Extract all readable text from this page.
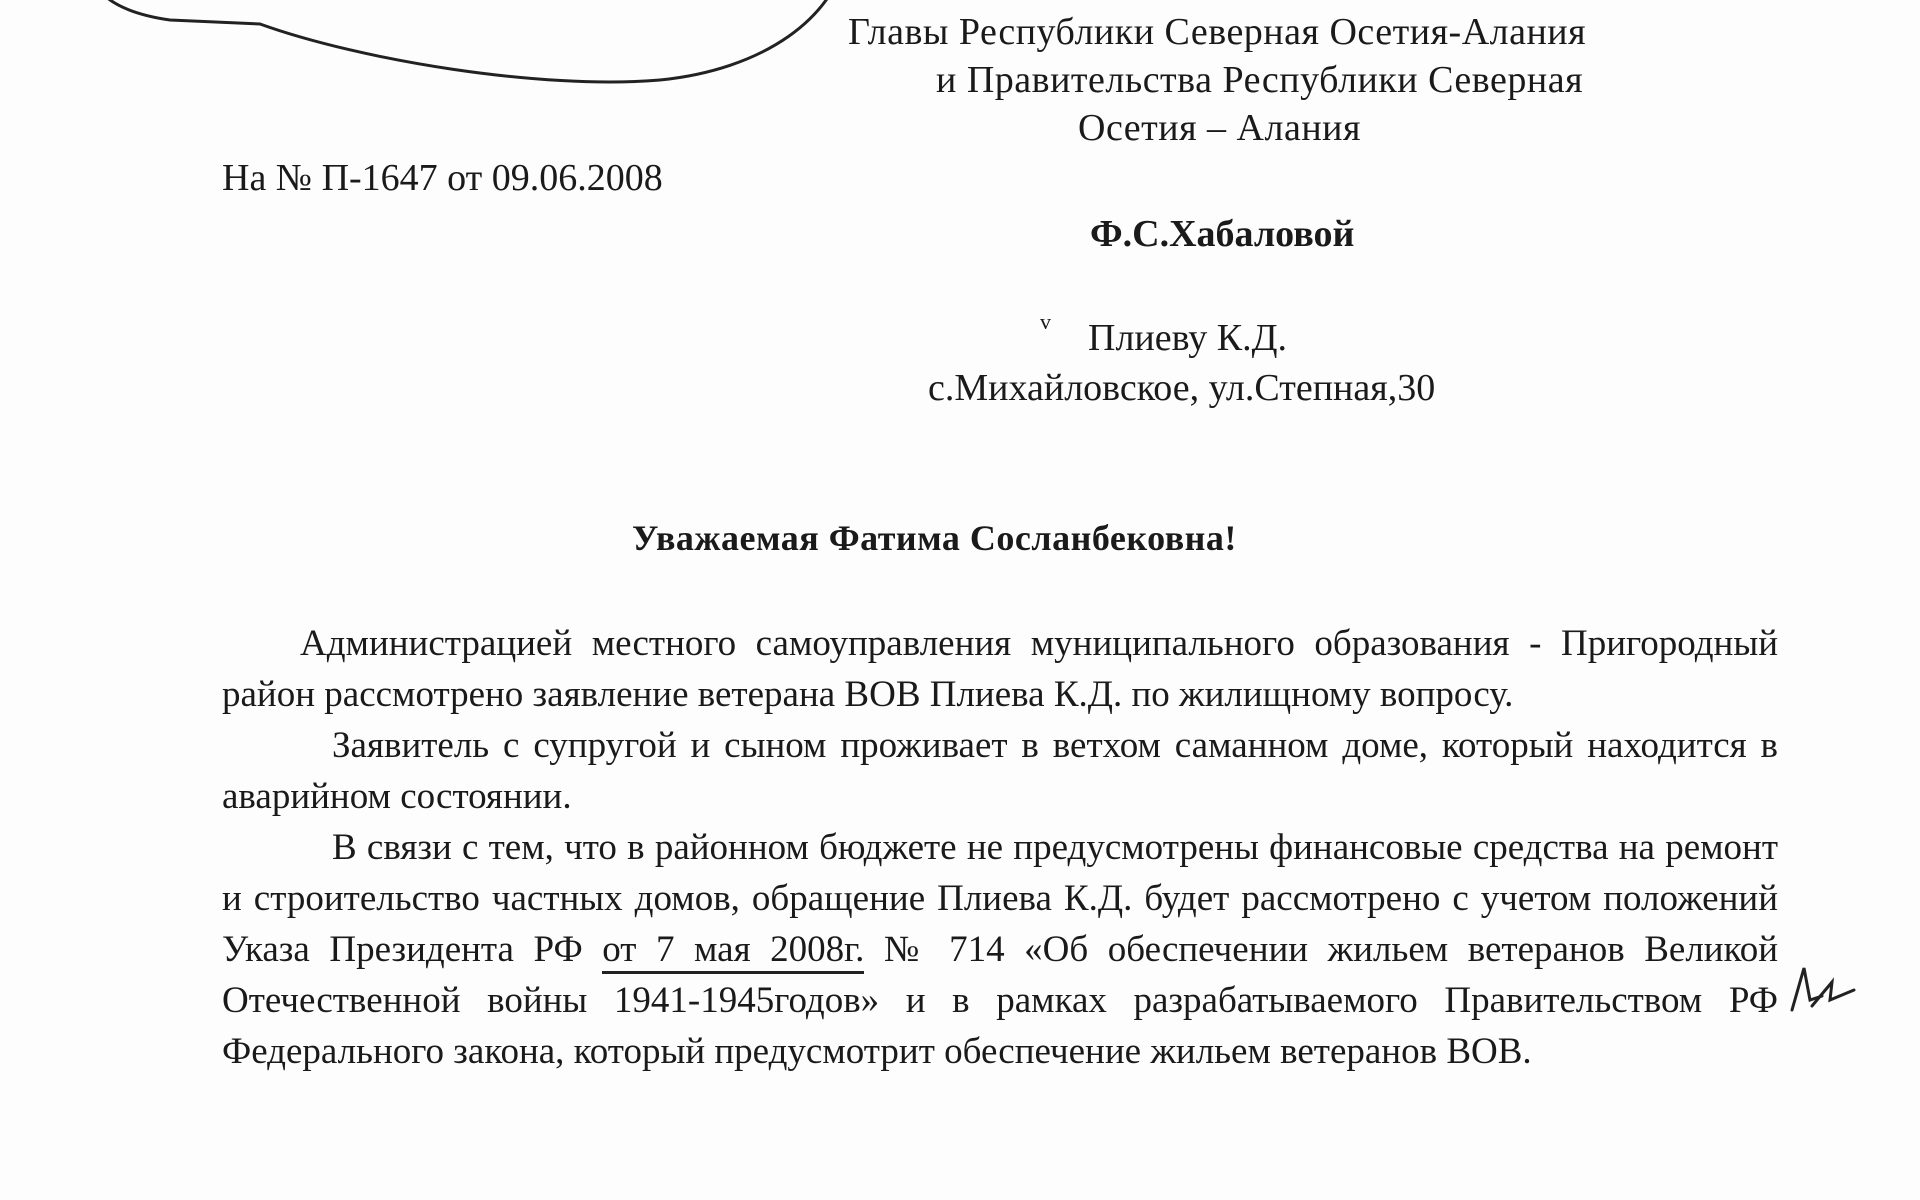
Главы Республики Северная Осетия-Алания
и Правительства Республики Северная
Осетия – Алания
На № П-1647 от 09.06.2008
Ф.С.Хабаловой
v Плиеву К.Д.
с.Михайловское, ул.Степная,30
Уважаемая Фатима Сосланбековна!

Администрацией местного самоуправления муниципального образования - Пригородный район рассмотрено заявление ветерана ВОВ Плиева К.Д. по жилищному вопросу.

Заявитель с супругой и сыном проживает в ветхом саманном доме, который находится в аварийном состоянии.

В связи с тем, что в районном бюджете не предусмотрены финансовые средства на ремонт и строительство частных домов, обращение Плиева К.Д. будет рассмотрено с учетом положений Указа Президента РФ от 7 мая 2008г. № 714 «Об обеспечении жильем ветеранов Великой Отечественной войны 1941-1945годов» и в рамках разрабатываемого Правительством РФ Федерального закона, который предусмотрит обеспечение жильем ветеранов ВОВ.
